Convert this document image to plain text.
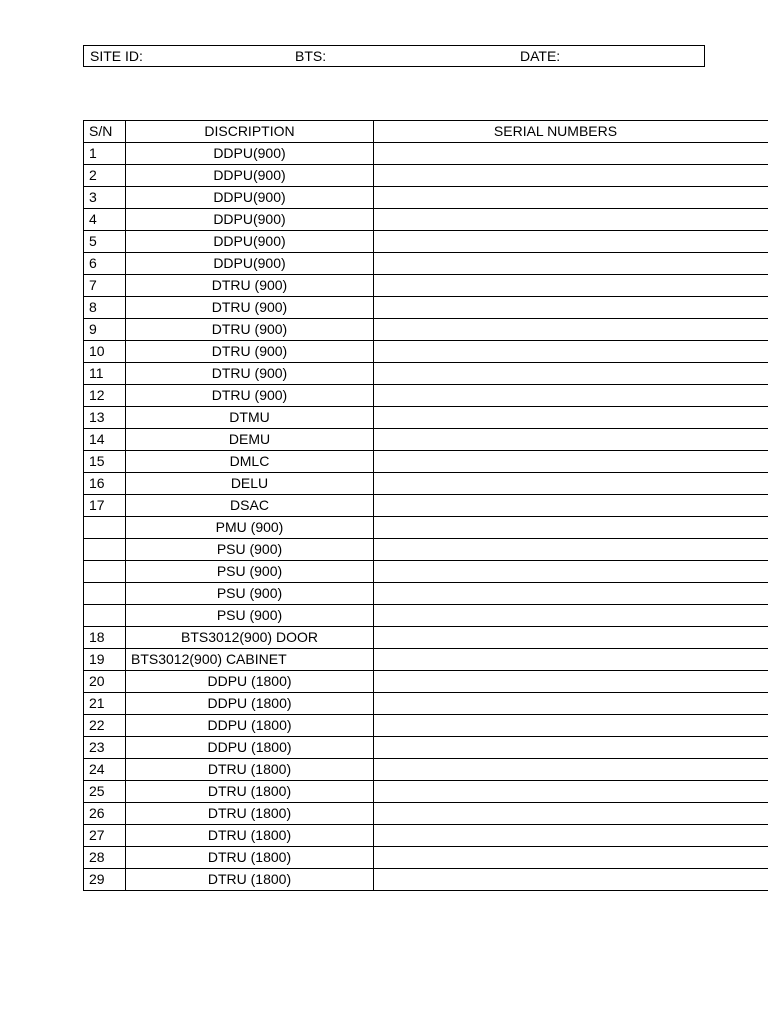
SITE ID:	BTS:	DATE:
S/N	DISCRIPTION	SERIAL NUMBERS
1	DDPU(900)	
2	DDPU(900)	
3	DDPU(900)	
4	DDPU(900)	
5	DDPU(900)	
6	DDPU(900)	
7	DTRU (900)	
8	DTRU (900)	
9	DTRU (900)	
10	DTRU (900)	
11	DTRU (900)	
12	DTRU (900)	
13	DTMU	
14	DEMU	
15	DMLC	
16	DELU	
17	DSAC	
	PMU (900)	
	PSU (900)	
	PSU (900)	
	PSU (900)	
	PSU (900)	
18	BTS3012(900) DOOR	
19	BTS3012(900) CABINET	
20	DDPU (1800)	
21	DDPU (1800)	
22	DDPU (1800)	
23	DDPU (1800)	
24	DTRU (1800)	
25	DTRU (1800)	
26	DTRU (1800)	
27	DTRU (1800)	
28	DTRU (1800)	
29	DTRU (1800)	
